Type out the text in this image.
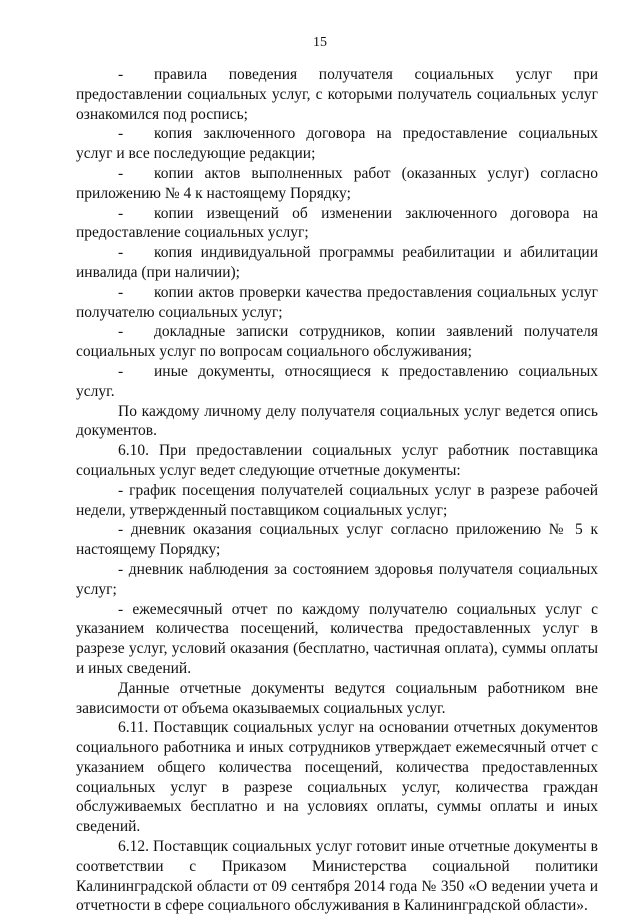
15

- правила поведения получателя социальных услуг при предоставлении социальных услуг, с которыми получатель социальных услуг ознакомился под роспись;

- копия заключенного договора на предоставление социальных услуг и все последующие редакции;

- копии актов выполненных работ (оказанных услуг) согласно приложению № 4 к настоящему Порядку;

- копии извещений об изменении заключенного договора на предоставление социальных услуг;

- копия индивидуальной программы реабилитации и абилитации инвалида (при наличии);

- копии актов проверки качества предоставления социальных услуг получателю социальных услуг;

- докладные записки сотрудников, копии заявлений получателя социальных услуг по вопросам социального обслуживания;

- иные документы, относящиеся к предоставлению социальных услуг.

По каждому личному делу получателя социальных услуг ведется опись документов.

6.10. При предоставлении социальных услуг работник поставщика социальных услуг ведет следующие отчетные документы:

- график посещения получателей социальных услуг в разрезе рабочей недели, утвержденный поставщиком социальных услуг;

- дневник оказания социальных услуг согласно приложению № 5 к настоящему Порядку;

- дневник наблюдения за состоянием здоровья получателя социальных услуг;

- ежемесячный отчет по каждому получателю социальных услуг с указанием количества посещений, количества предоставленных услуг в разрезе услуг, условий оказания (бесплатно, частичная оплата), суммы оплаты и иных сведений.

Данные отчетные документы ведутся социальным работником вне зависимости от объема оказываемых социальных услуг.

6.11. Поставщик социальных услуг на основании отчетных документов социального работника и иных сотрудников утверждает ежемесячный отчет с указанием общего количества посещений, количества предоставленных социальных услуг в разрезе социальных услуг, количества граждан обслуживаемых бесплатно и на условиях оплаты, суммы оплаты и иных сведений.

6.12. Поставщик социальных услуг готовит иные отчетные документы в соответствии с Приказом Министерства социальной политики Калининградской области от 09 сентября 2014 года № 350 «О ведении учета и отчетности в сфере социального обслуживания в Калининградской области».
